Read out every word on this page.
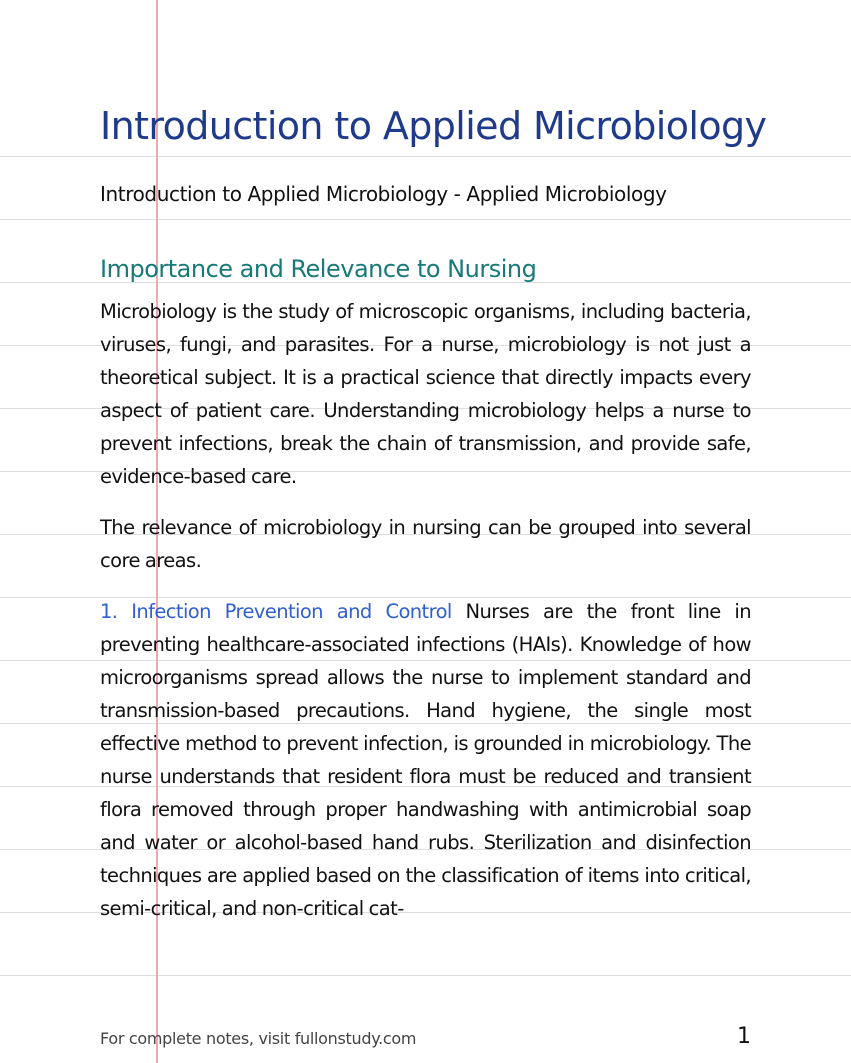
Introduction to Applied Microbiology
Introduction to Applied Microbiology - Applied Microbiology
Importance and Relevance to Nursing

Microbiology is the study of microscopic organisms, including bacteria, viruses, fungi, and parasites. For a nurse, microbiology is not just a theoretical subject. It is a practical science that directly impacts every aspect of patient care. Understanding microbiology helps a nurse to prevent infections, break the chain of transmission, and provide safe, evidence-based care.

The relevance of microbiology in nursing can be grouped into several core areas.

1. Infection Prevention and Control Nurses are the front line in preventing healthcare-associated infections (HAIs). Knowledge of how microorganisms spread allows the nurse to implement standard and transmission-based precautions. Hand hygiene, the single most effective method to prevent infection, is grounded in microbiology. The nurse understands that resident flora must be reduced and transient flora removed through proper handwashing with antimicrobial soap and water or alcohol-based hand rubs. Sterilization and disinfection techniques are applied based on the classification of items into critical, semi-critical, and non-critical cat-

For complete notes, visit fullonstudy.com	1
